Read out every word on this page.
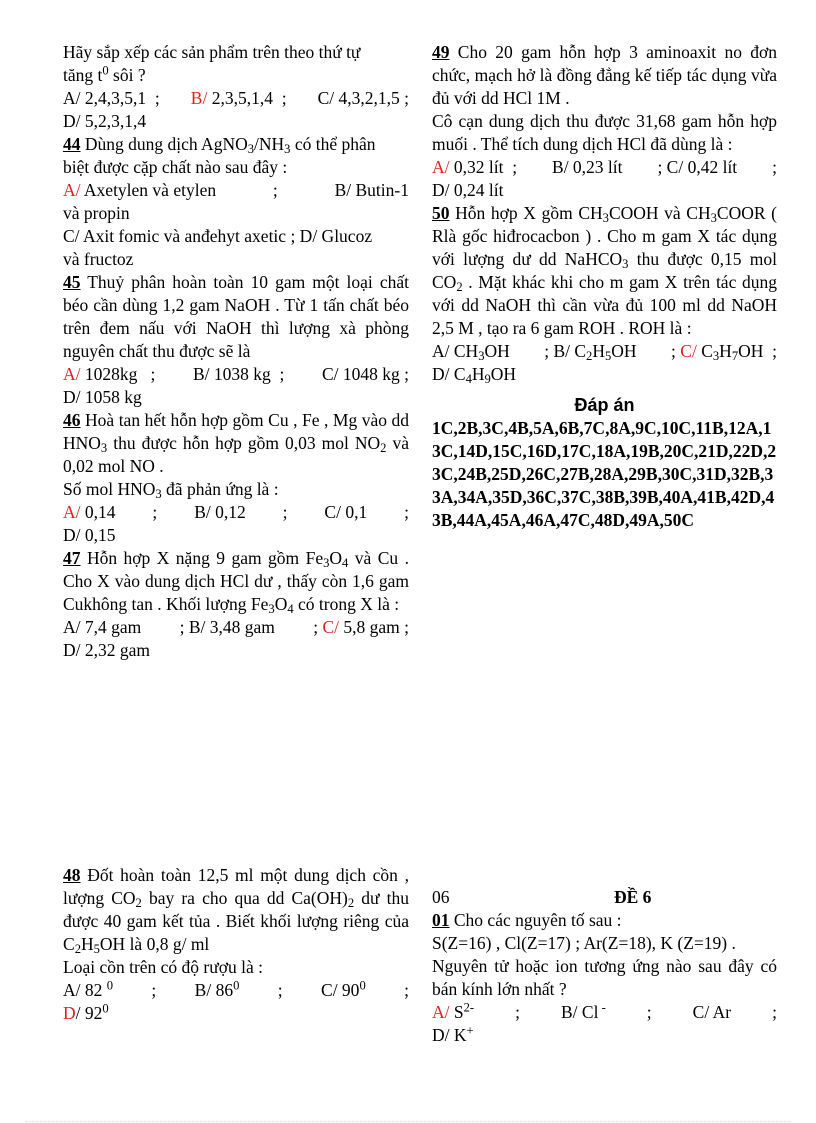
Hãy sắp xếp các sản phẩm trên theo thứ tự

tăng $t^0$ sôi ?

A/ 2,4,3,5,1  ; B/ 2,3,5,1,4  ; C/ 4,3,2,1,5 ;

D/ 5,2,3,1,4

44 Dùng dung dịch $AgNO_3/NH_3$ có thể phân

biệt được cặp chất nào sau đây :

A/ Axetylen và etylen	;	B/ Butin-1

và propin

C/ Axit fomic và anđehyt axetic ; D/ Glucoz

và fructoz

45 Thuỷ phân hoàn toàn 10 gam một loại chất béo cần dùng 1,2 gam NaOH . Từ 1 tấn chất béo trên đem nấu với NaOH thì lượng xà phòng nguyên chất thu được sẽ là

A/ 1028kg   ; B/ 1038 kg  ; C/ 1048 kg ;

D/ 1058 kg

46 Hoà tan hết hỗn hợp gồm Cu , Fe , Mg vào dd $HNO_3$ thu được hỗn hợp gồm 0,03 mol $NO_2$ và 0,02 mol NO .

Số mol $HNO_3$ đã phản ứng là :

A/ 0,14 ; B/ 0,12 ; C/ 0,1 ;

D/ 0,15

47 Hỗn hợp X nặng 9 gam gồm $Fe_3O_4$ và Cu . Cho X vào dung dịch HCl dư , thấy còn 1,6 gam Cukhông tan . Khối lượng $Fe_3O_4$ có trong X là :

A/ 7,4 gam ; B/ 3,48 gam ; C/ 5,8 gam ;

D/ 2,32 gam

48 Đốt hoàn toàn 12,5 ml một dung dịch cồn , lượng $CO_2$ bay ra cho qua dd $Ca(OH)_2$ dư thu được 40 gam kết tủa . Biết khối lượng riêng của $C_2H_5OH$ là 0,8 g/ ml

Loại cồn trên có độ rượu là :

A/ 82 $^0$ ; B/ $86^0$ ; C/ $90^0$ ;

D/ $92^0$

49 Cho 20 gam hỗn hợp 3 aminoaxit no đơn chức, mạch hở là đồng đẳng kế tiếp tác dụng vừa đủ với dd HCl 1M .

Cô cạn dung dịch thu được 31,68 gam hỗn hợp muối . Thể tích dung dịch HCl đã dùng là :

A/ 0,32 lít  ; B/ 0,23 lít ; C/ 0,42 lít ;

D/ 0,24 lít

50 Hỗn hợp X gồm $CH_3COOH$ và $CH_3COOR$ ( Rlà gốc hiđrocacbon ) . Cho m gam X tác dụng với lượng dư dd NaHCO$_3$ thu được 0,15 mol $CO_2$ . Mặt khác khi cho m gam X trên tác dụng với dd NaOH thì cần vừa đủ 100 ml dd NaOH 2,5 M , tạo ra 6 gam ROH . ROH là :

A/ $CH_3OH$ ; B/ $C_2H_5OH$ ; C/ $C_3H_7OH$  ;

D/ $C_4H_9OH$

Đáp án
1C,2B,3C,4B,5A,6B,7C,8A,9C,10C,11B,12A,13C,14D,15C,16D,17C,18A,19B,20C,21D,22D,23C,24B,25D,26C,27B,28A,29B,30C,31D,32B,33A,34A,35D,36C,37C,38B,39B,40A,41B,42D,43B,44A,45A,46A,47C,48D,49A,50C

06	ĐỀ 6

01 Cho các nguyên tố sau :

S(Z=16) , Cl(Z=17) ; Ar(Z=18), K (Z=19) .

Nguyên tử hoặc ion tương ứng nào sau đây có bán kính lớn nhất ?

A/ $S^{2-}$ ; B/ Cl - ; C/ Ar ;

D/ K+
